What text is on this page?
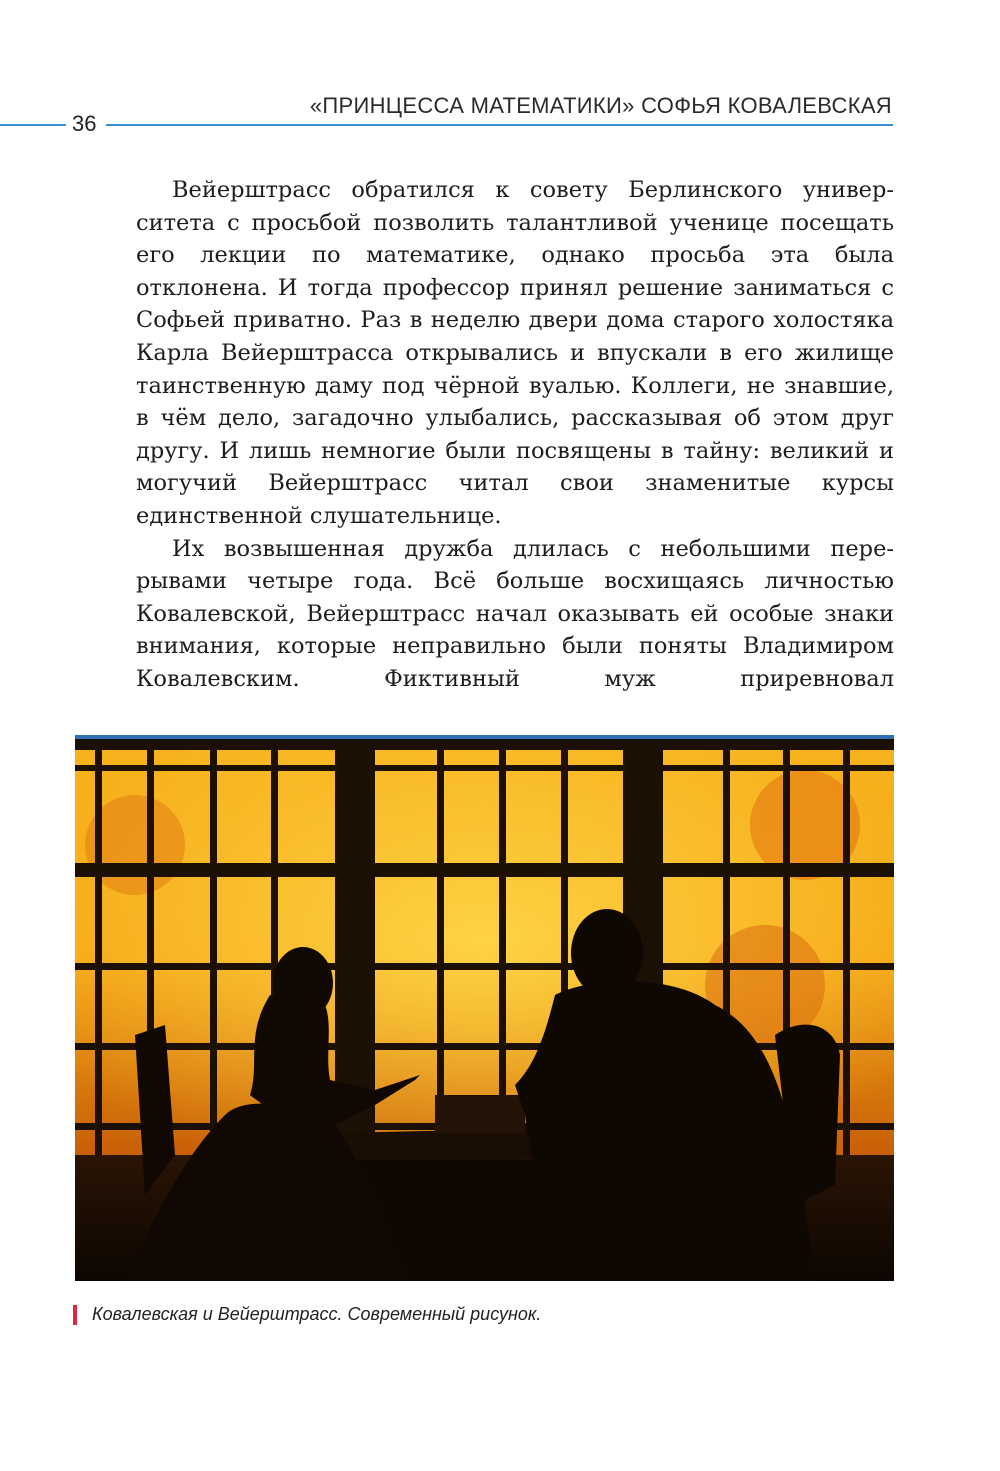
36
«ПРИНЦЕССА МАТЕМАТИКИ» СОФЬЯ КОВАЛЕВСКАЯ

Вейерштрасс обратился к совету Берлинского университета с просьбой позволить талантливой ученице посещать его лекции по математике, однако просьба эта была отклонена. И тогда профессор принял решение заниматься с Софьей приватно. Раз в неделю двери дома старого холостяка Карла Вейерштрасса открывались и впускали в его жилище таинственную даму под чёрной вуалью. Коллеги, не знавшие, в чём дело, загадочно улыбались, рассказывая об этом друг другу. И лишь немногие были посвящены в тайну: великий и могучий Вейерштрасс читал свои знаменитые курсы единственной слушательнице.

Их возвышенная дружба длилась с небольшими перерывами четыре года. Всё больше восхищаясь личностью Ковалевской, Вейерштрасс начал оказывать ей особые знаки внимания, которые неправильно были поняты Владимиром Ковалевским. Фиктивный муж приревновал

Ковалевская и Вейерштрасс. Современный рисунок.
